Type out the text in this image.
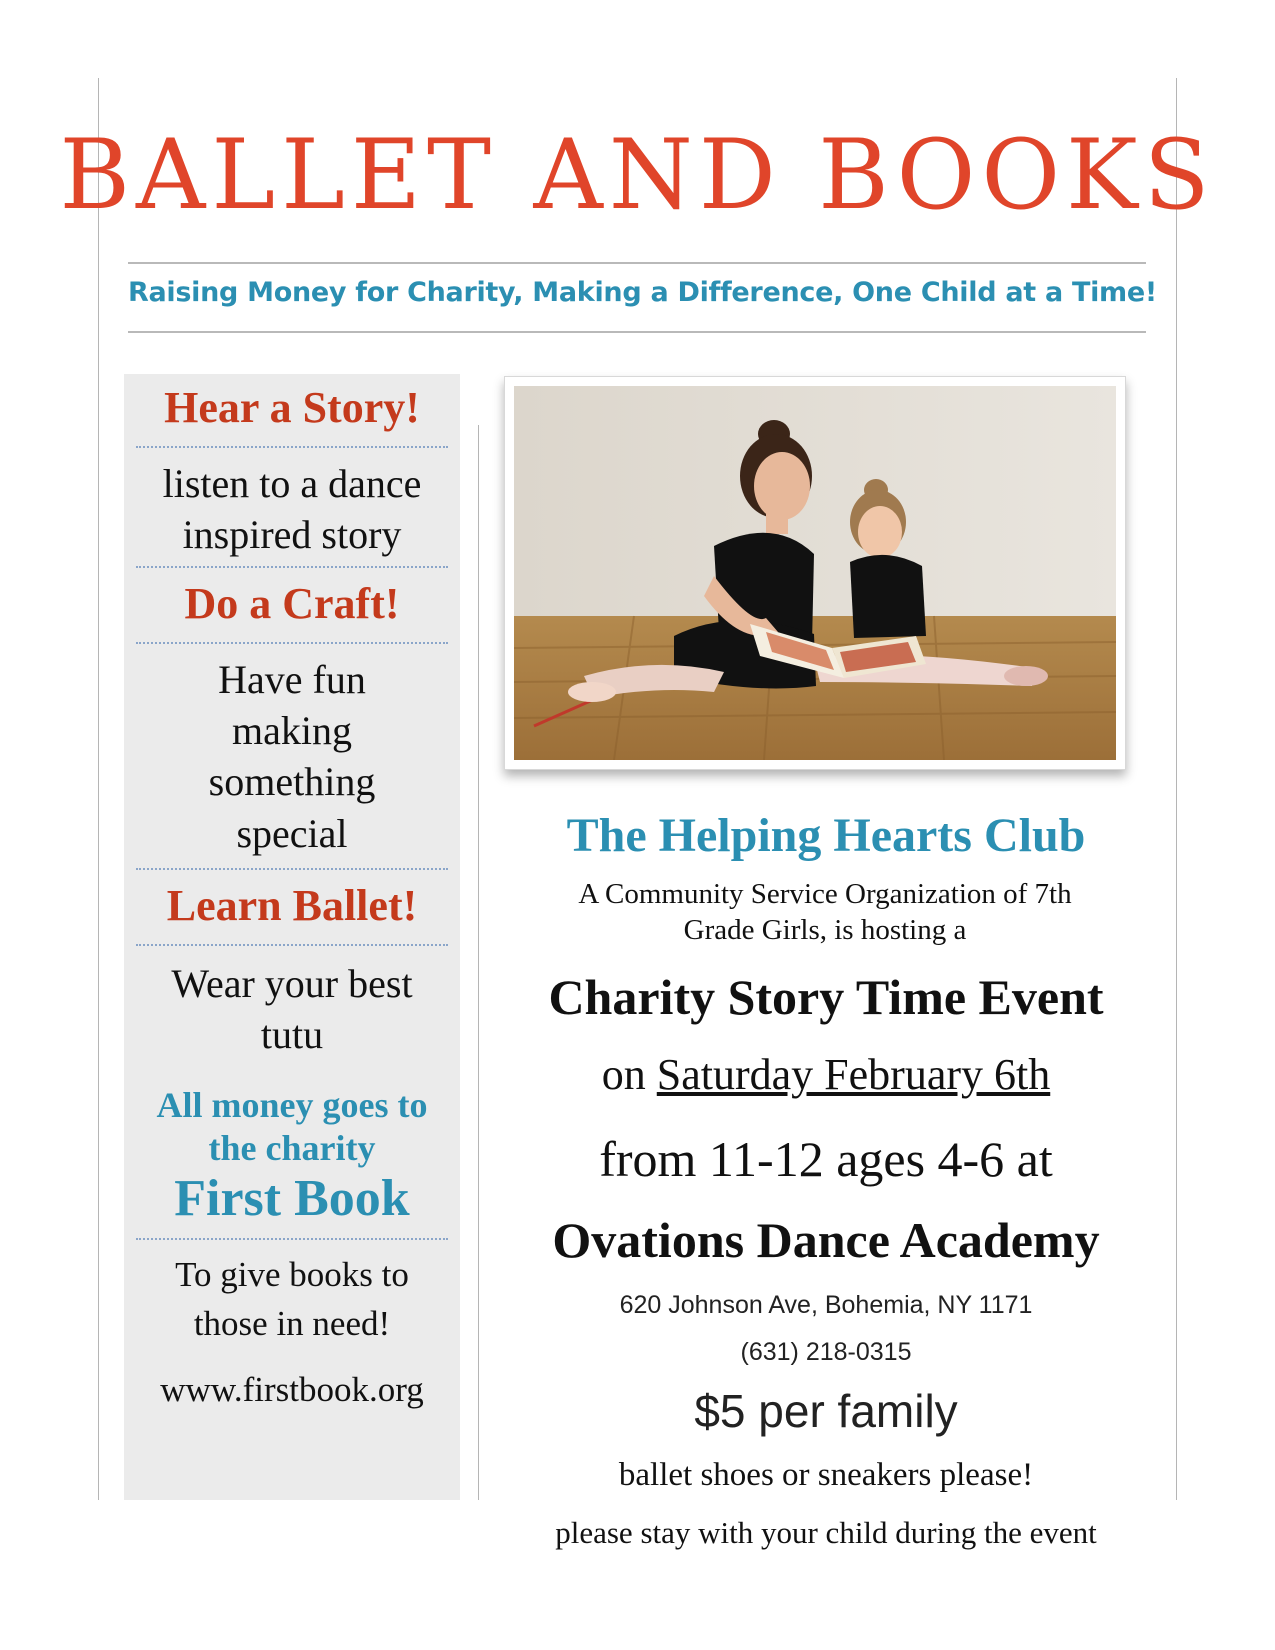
BALLET AND BOOKS
Raising Money for Charity, Making a Difference, One Child at a Time!
Hear a Story!
listen to a dance inspired story
Do a Craft!
Have fun making something special
Learn Ballet!
Wear your best tutu
All money goes to the charity
First Book
To give books to those in need!
www.firstbook.org
The Helping Hearts Club
A Community Service Organization of 7th Grade Girls, is hosting a
Charity Story Time Event
on Saturday February 6th
from 11-12 ages 4-6 at
Ovations Dance Academy
620 Johnson Ave, Bohemia, NY 1171
(631) 218-0315
$5 per family
ballet shoes or sneakers please!
please stay with your child during the event
